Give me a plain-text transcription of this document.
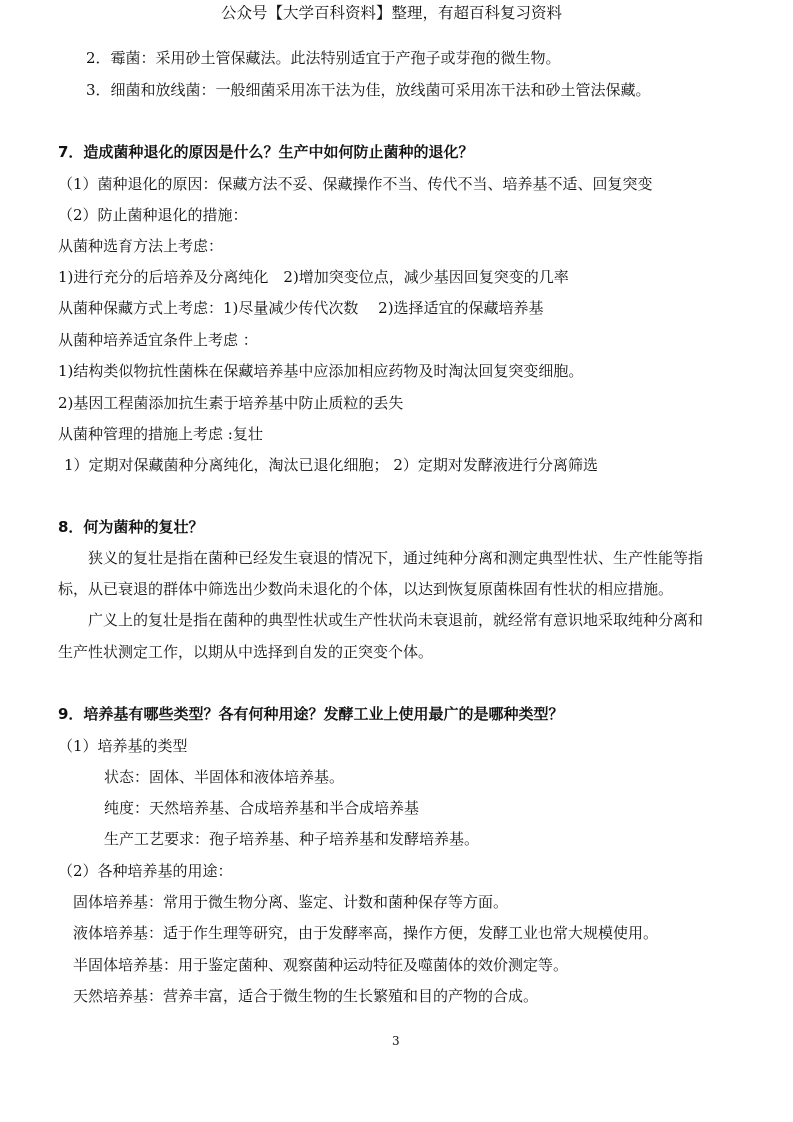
公众号【大学百科资料】整理，有超百科复习资料
2．霉菌：采用砂土管保藏法。此法特别适宜于产孢子或芽孢的微生物。
3．细菌和放线菌：一般细菌采用冻干法为佳，放线菌可采用冻干法和砂土管法保藏。
7．造成菌种退化的原因是什么？生产中如何防止菌种的退化？
（1）菌种退化的原因：保藏方法不妥、保藏操作不当、传代不当、培养基不适、回复突变
（2）防止菌种退化的措施：
从菌种选育方法上考虑：
1)进行充分的后培养及分离纯化　2)增加突变位点，减少基因回复突变的几率
从菌种保藏方式上考虑：1)尽量减少传代次数　 2)选择适宜的保藏培养基
从菌种培养适宜条件上考虑 ：
1)结构类似物抗性菌株在保藏培养基中应添加相应药物及时淘汰回复突变细胞。
2)基因工程菌添加抗生素于培养基中防止质粒的丢失
从菌种管理的措施上考虑 :复壮
1）定期对保藏菌种分离纯化，淘汰已退化细胞； 2）定期对发酵液进行分离筛选
8．何为菌种的复壮？
狭义的复壮是指在菌种已经发生衰退的情况下，通过纯种分离和测定典型性状、生产性能等指
标，从已衰退的群体中筛选出少数尚未退化的个体，以达到恢复原菌株固有性状的相应措施。
广义上的复壮是指在菌种的典型性状或生产性状尚未衰退前，就经常有意识地采取纯种分离和
生产性状测定工作，以期从中选择到自发的正突变个体。
9．培养基有哪些类型？各有何种用途？发酵工业上使用最广的是哪种类型？
（1）培养基的类型
状态：固体、半固体和液体培养基。
纯度：天然培养基、合成培养基和半合成培养基
生产工艺要求：孢子培养基、种子培养基和发酵培养基。
（2）各种培养基的用途：
固体培养基：常用于微生物分离、鉴定、计数和菌种保存等方面。
液体培养基：适于作生理等研究，由于发酵率高，操作方便，发酵工业也常大规模使用。
半固体培养基：用于鉴定菌种、观察菌种运动特征及噬菌体的效价测定等。
天然培养基：营养丰富，适合于微生物的生长繁殖和目的产物的合成。
3
